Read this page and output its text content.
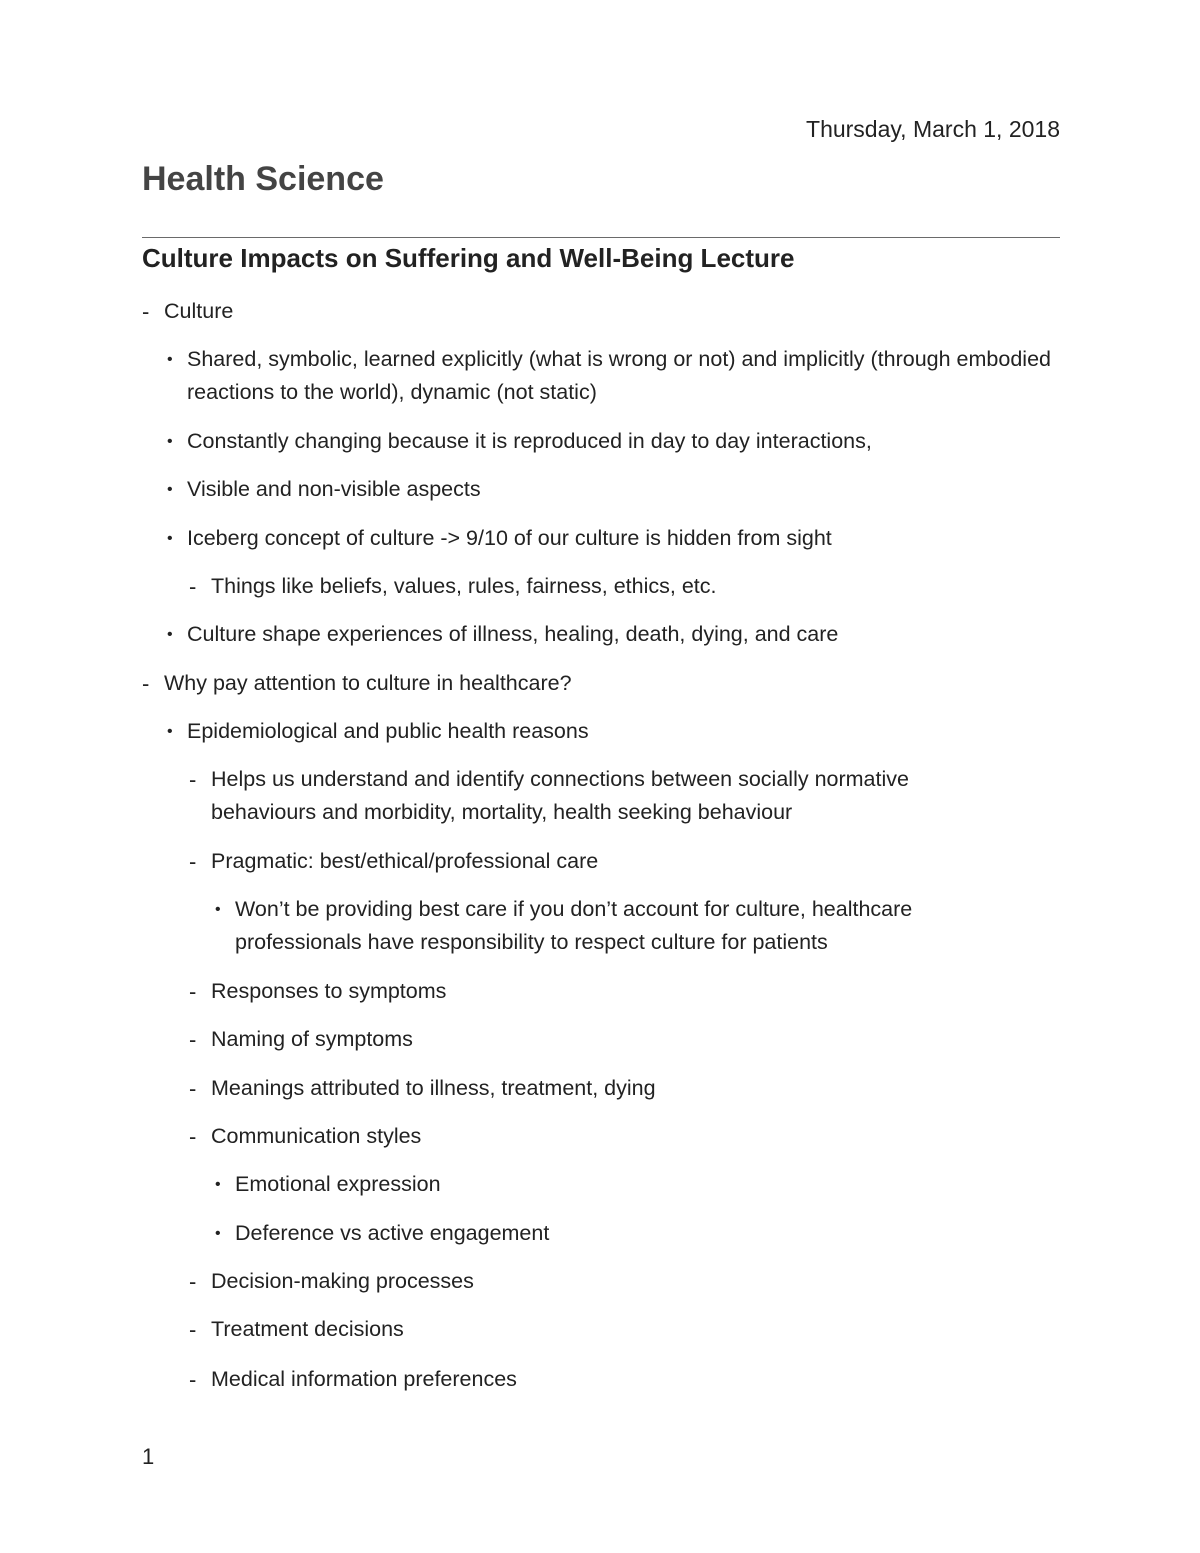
Thursday, March 1, 2018
Health Science
Culture Impacts on Suffering and Well-Being Lecture
- Culture
• Shared, symbolic, learned explicitly (what is wrong or not) and implicitly (through embodied reactions to the world), dynamic (not static)
• Constantly changing because it is reproduced in day to day interactions,
• Visible and non-visible aspects
• Iceberg concept of culture -> 9/10 of our culture is hidden from sight
- Things like beliefs, values, rules, fairness, ethics, etc.
• Culture shape experiences of illness, healing, death, dying, and care
- Why pay attention to culture in healthcare?
• Epidemiological and public health reasons
- Helps us understand and identify connections between socially normative behaviours and morbidity, mortality, health seeking behaviour
- Pragmatic: best/ethical/professional care
• Won’t be providing best care if you don’t account for culture, healthcare professionals have responsibility to respect culture for patients
- Responses to symptoms
- Naming of symptoms
- Meanings attributed to illness, treatment, dying
- Communication styles
• Emotional expression
• Deference vs active engagement
- Decision-making processes
- Treatment decisions
- Medical information preferences
1
